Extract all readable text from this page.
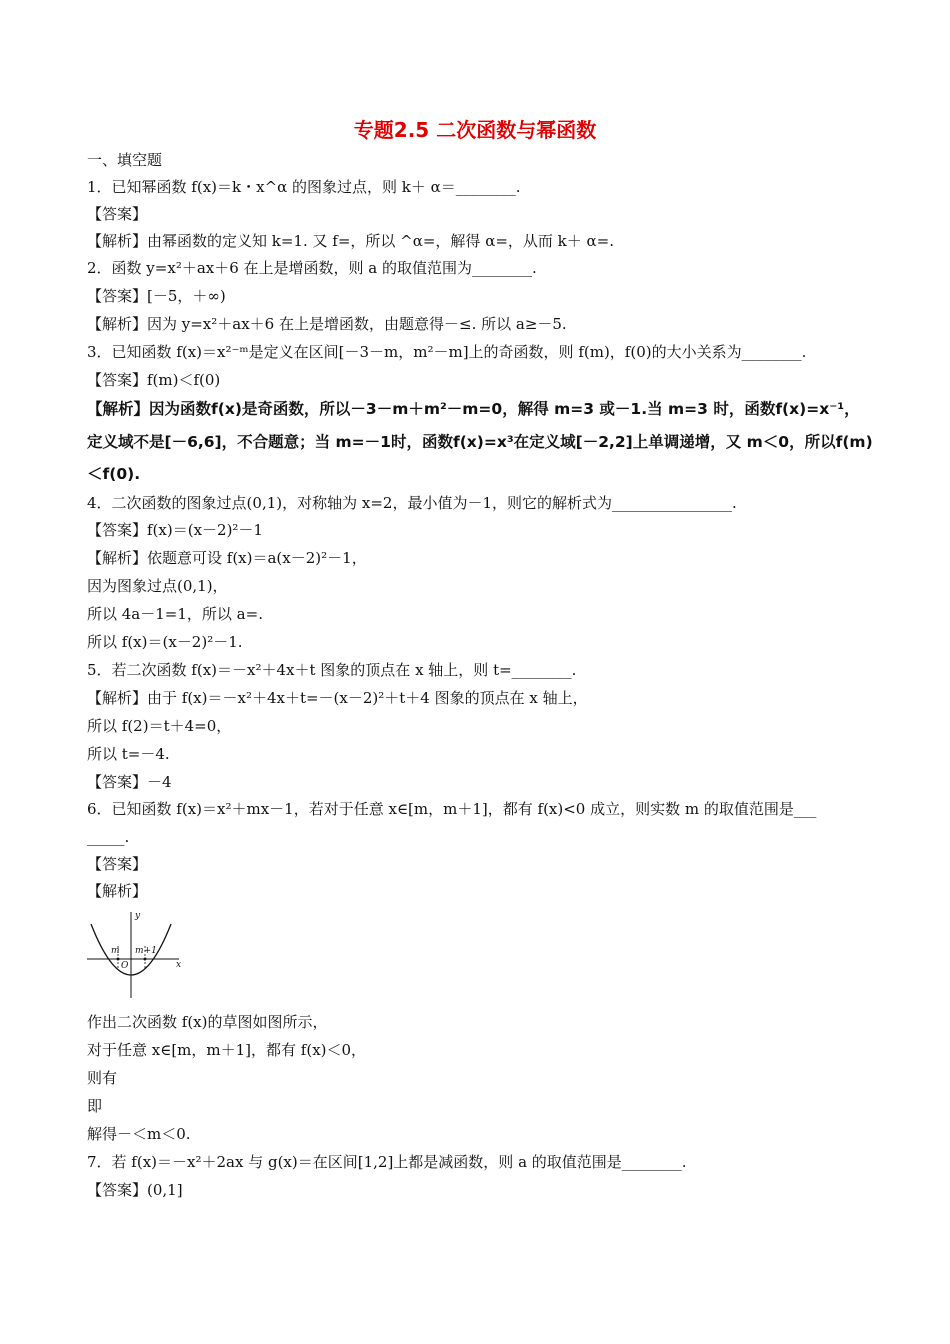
专题2.5 二次函数与幂函数
一、填空题
1．已知幂函数 f(x)＝k・x^α 的图象过点，则 k＋ α＝________.
【答案】
【解析】由幂函数的定义知 k=1. 又 f=，所以 ^α=，解得 α=，从而 k＋ α=.
2．函数 y=x²＋ax＋6 在上是增函数，则 a 的取值范围为________.
【答案】[－5，＋∞)
【解析】因为 y=x²＋ax＋6 在上是增函数，由题意得－≤. 所以 a≥－5.
3．已知函数 f(x)＝x²⁻ᵐ是定义在区间[－3－m，m²－m]上的奇函数，则 f(m)，f(0)的大小关系为________.
【答案】f(m)＜f(0)
【解析】因为函数f(x)是奇函数，所以－3－m＋m²－m=0，解得 m=3 或－1.当 m=3 时，函数f(x)=x⁻¹，
定义域不是[－6,6]，不合题意；当 m=－1时，函数f(x)=x³在定义域[－2,2]上单调递增，又 m＜0，所以f(m)
＜f(0).
4．二次函数的图象过点(0,1)，对称轴为 x=2，最小值为－1，则它的解析式为________________.
【答案】f(x)＝(x－2)²－1
【解析】依题意可设 f(x)＝a(x－2)²－1，
因为图象过点(0,1)，
所以 4a－1=1，所以 a=.
所以 f(x)＝(x－2)²－1.
5．若二次函数 f(x)＝－x²＋4x＋t 图象的顶点在 x 轴上，则 t=________.
【解析】由于 f(x)＝－x²＋4x＋t=－(x－2)²＋t＋4 图象的顶点在 x 轴上，
所以 f(2)＝t＋4=0，
所以 t=－4.
【答案】－4
6．已知函数 f(x)＝x²＋mx－1，若对于任意 x∈[m，m＋1]，都有 f(x)<0 成立，则实数 m 的取值范围是___
_____.
【答案】
【解析】
y
x
m m+1
O
作出二次函数 f(x)的草图如图所示，
对于任意 x∈[m，m＋1]，都有 f(x)＜0，
则有
即
解得－＜m＜0.
7．若 f(x)＝－x²＋2ax 与 g(x)＝在区间[1,2]上都是减函数，则 a 的取值范围是________.
【答案】(0,1]
